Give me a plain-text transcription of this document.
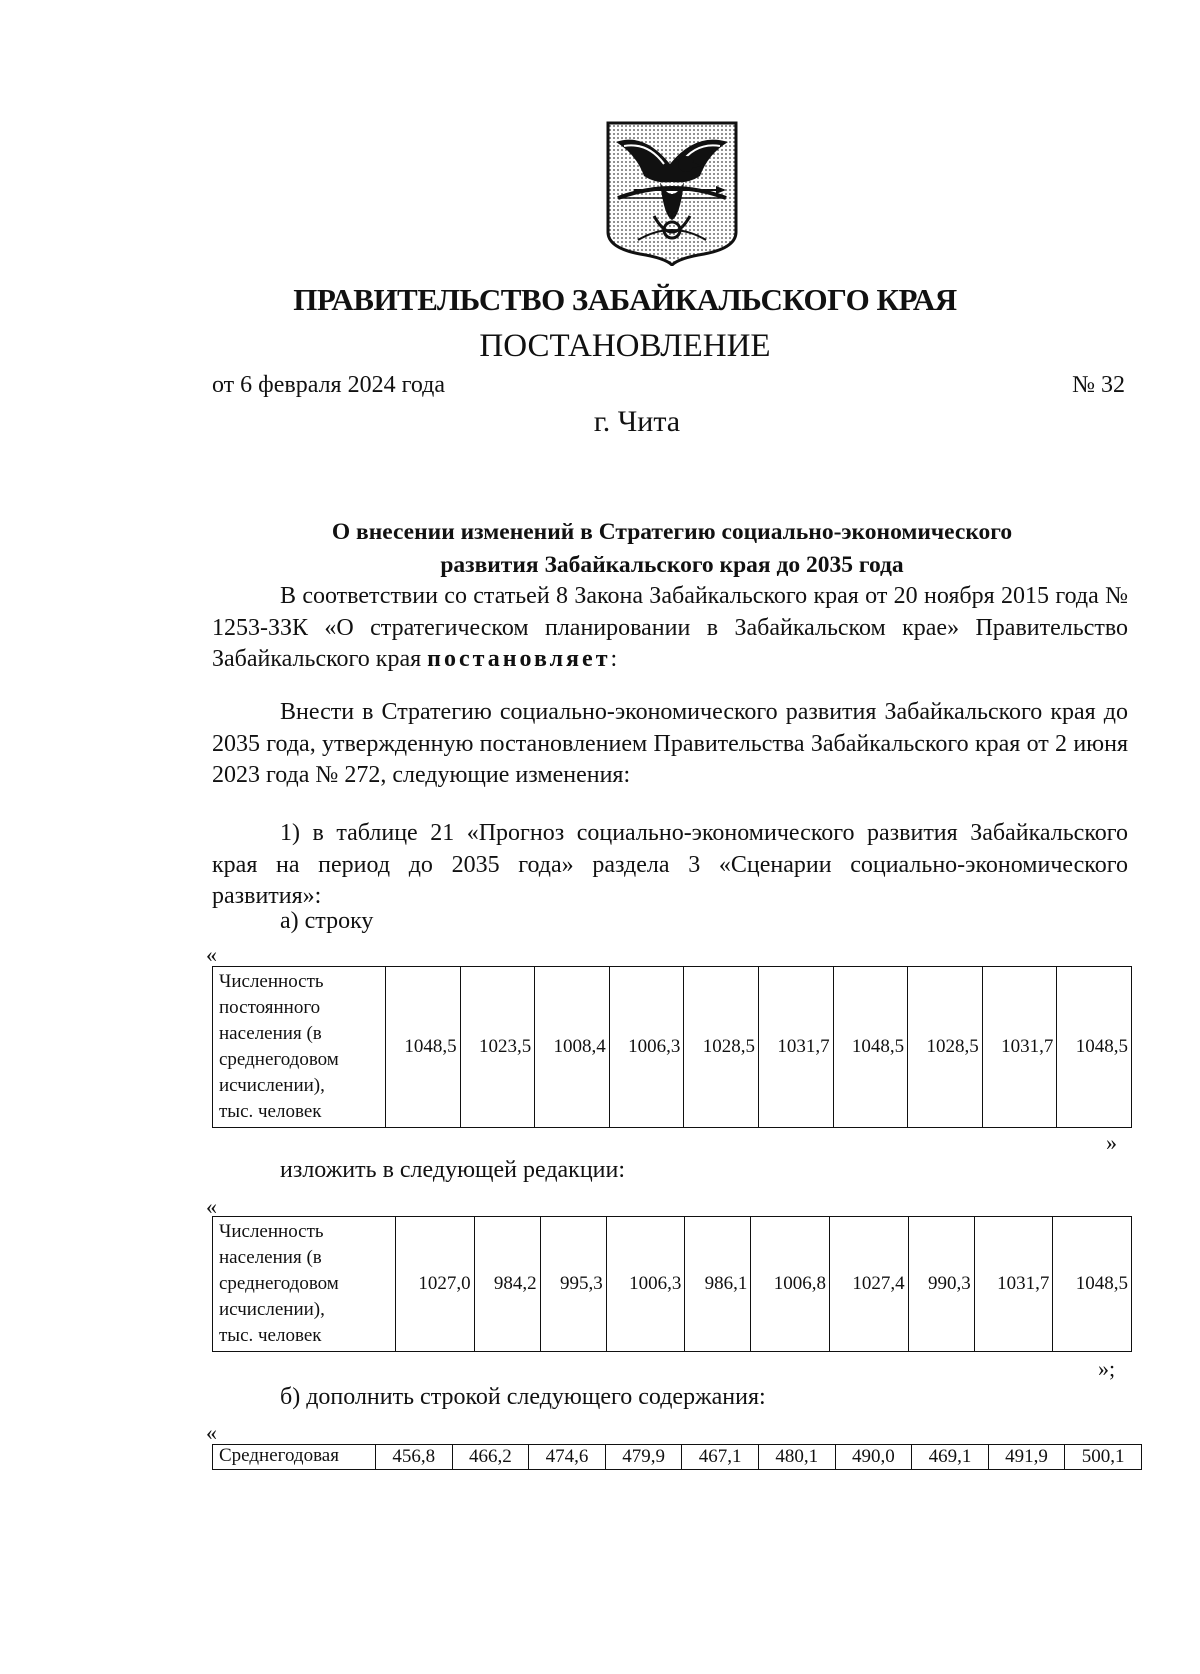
ПРАВИТЕЛЬСТВО ЗАБАЙКАЛЬСКОГО КРАЯ
ПОСТАНОВЛЕНИЕ
от 6 февраля 2024 года	№ 32
г. Чита
О внесении изменений в Стратегию социально-экономического
развития Забайкальского края до 2035 года

В соответствии со статьей 8 Закона Забайкальского края от 20 ноября 2015 года № 1253-ЗЗК «О стратегическом планировании в Забайкальском крае» Правительство Забайкальского края постановляет:

Внести в Стратегию социально-экономического развития Забайкальского края до 2035 года, утвержденную постановлением Правительства Забайкальского края от 2 июня 2023 года № 272, следующие изменения:

1) в таблице 21 «Прогноз социально-экономического развития Забайкальского края на период до 2035 года» раздела 3 «Сценарии социально-экономического развития»:

а) строку
«
Численность
постоянного
населения (в
среднегодовом
исчислении),
тыс. человек
	1048,5	1023,5	1008,4	1006,3	1028,5	1031,7	1048,5	1028,5	1031,7	1048,5
»
изложить в следующей редакции:
«
Численность
населения (в
среднегодовом
исчислении),
тыс. человек
	1027,0	984,2	995,3	1006,3	986,1	1006,8	1027,4	990,3	1031,7	1048,5
»;
б) дополнить строкой следующего содержания:
«
Среднегодовая	456,8	466,2	474,6	479,9	467,1	480,1	490,0	469,1	491,9	500,1
